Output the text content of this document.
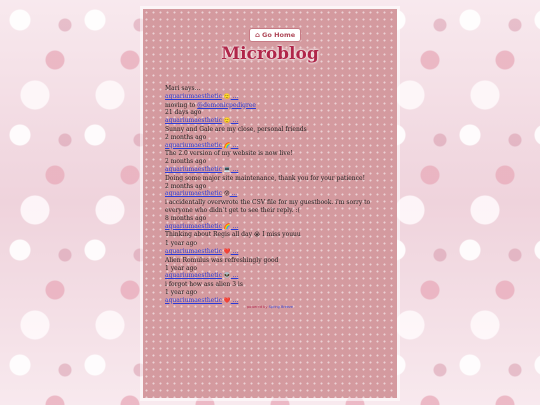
⌂ Go Home
Microblog
Mari says...
aquariumaesthetic 🙂 ...
moving to @demonicpedigree
21 days ago
aquariumaesthetic 🙂 ...
Sunny and Gale are my close, personal friends
2 months ago
aquariumaesthetic 🌈 ...
The 2.0 version of my website is now live!
2 months ago
aquariumaesthetic 💻 ...
Doing some major site maintenance, thank you for your patience!
2 months ago
aquariumaesthetic 😰 ...
i accidentally overwrote the CSV file for my guestbook. i'm sorry to everyone who didn't get to see their reply. :(
8 months ago
aquariumaesthetic 🌈 ...
Thinking about Regis all day 😭 I miss youuu
1 year ago
aquariumaesthetic ❤️ ...
Alien Romulus was refreshingly good
1 year ago
aquariumaesthetic 👽 ...
i forgot how ass alien 3 is
1 year ago
aquariumaesthetic ❤️ ...
powered by Spring Breeze
